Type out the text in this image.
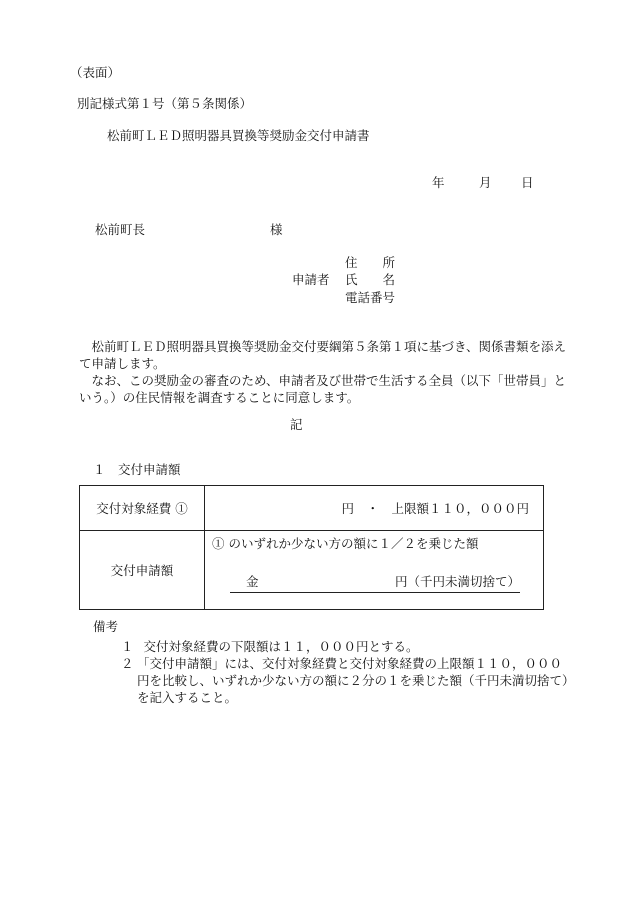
（表面）
別記様式第１号（第５条関係）
松前町ＬＥＤ照明器具買換等奨励金交付申請書
年	月 日
松前町長	様
住　　所
申請者 氏　　名
電話番号
　松前町ＬＥＤ照明器具買換等奨励金交付要綱第５条第１項に基づき、関係書類を添えて申請します。
　なお、この奨励金の審査のため、申請者及び世帯で生活する全員（以下「世帯員」という。）の住民情報を調査することに同意します。
記
１　交付申請額
交付対象経費 ①	円　・　上限額１１０，０００円
交付申請額	① のいずれか少ない方の額に１／２を乗じた額
金 円（千円未満切捨て）
備考
１ 交付対象経費の下限額は１１，０００円とする。
２ 「交付申請額」には、交付対象経費と交付対象経費の上限額１１０，０００円を比較し、いずれか少ない方の額に２分の１を乗じた額（千円未満切捨て）を記入すること。
